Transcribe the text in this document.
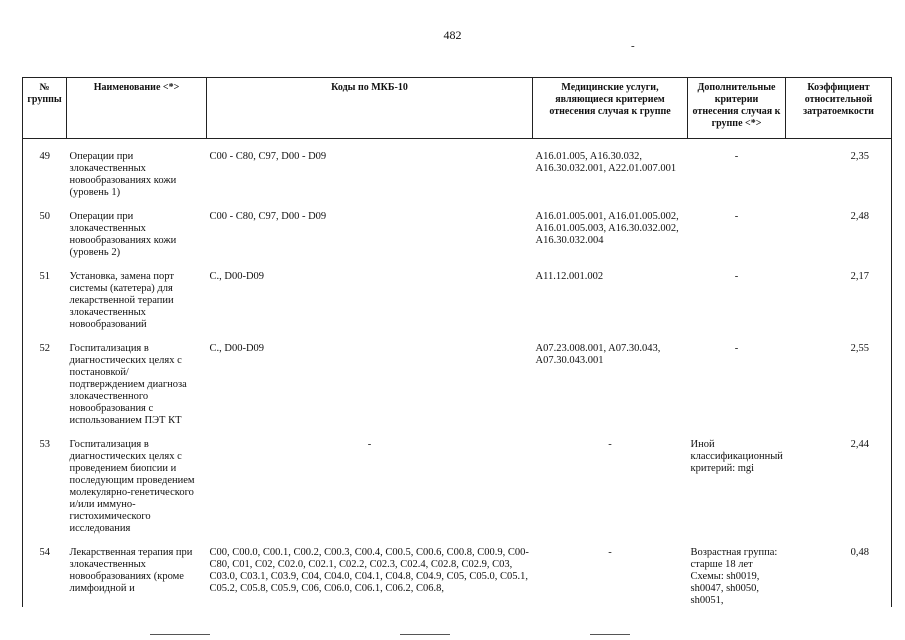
482
-
№ группы	Наименование <*>	Коды по МКБ-10	Медицинские услуги, являющиеся критерием отнесения случая к группе	Дополнительные критерии отнесения случая к группе <*>	Коэффициент относительной затратоемкости

49	Операции при злокачественных новообразованиях кожи (уровень 1)	C00 - C80, C97, D00 - D09	A16.01.005, A16.30.032, A16.30.032.001, A22.01.007.001	-	2,35

50	Операции при злокачественных новообразованиях кожи (уровень 2)	C00 - C80, C97, D00 - D09	A16.01.005.001, A16.01.005.002, A16.01.005.003, A16.30.032.002, A16.30.032.004	-	2,48

51	Установка, замена порт системы (катетера) для лекарственной терапии злокачественных новообразований	C., D00-D09	A11.12.001.002	-	2,17

52	Госпитализация в диагностических целях с постановкой/ подтверждением диагноза злокачественного новообразования с использованием ПЭТ КТ	C., D00-D09	A07.23.008.001, A07.30.043, A07.30.043.001	-	2,55

53	Госпитализация в диагностических целях с проведением биопсии и последующим проведением молекулярно-генетического и/или иммуно-гистохимического исследования	-	-	Иной классификационный критерий: mgi	2,44

54	Лекарственная терапия при злокачественных новообразованиях (кроме лимфоидной и	C00, C00.0, C00.1, C00.2, C00.3, C00.4, C00.5, C00.6, C00.8, C00.9, C00-C80, C01, C02, C02.0, C02.1, C02.2, C02.3, C02.4, C02.8, C02.9, C03, C03.0, C03.1, C03.9, C04, C04.0, C04.1, C04.8, C04.9, C05, C05.0, C05.1, C05.2, C05.8, C05.9, C06, C06.0, C06.1, C06.2, C06.8,	-	Возрастная группа: старше 18 лет Схемы: sh0019, sh0047, sh0050, sh0051,	0,48
